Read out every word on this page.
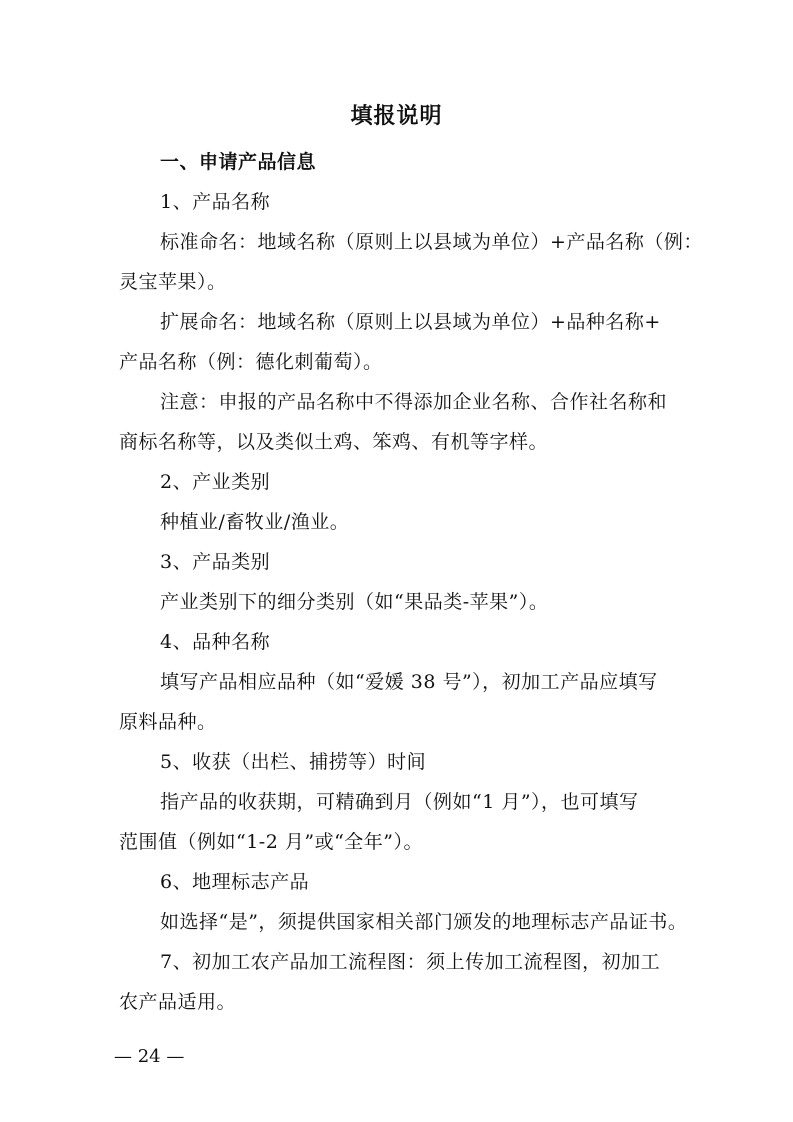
填报说明
一、申请产品信息
1、产品名称
标准命名：地域名称（原则上以县域为单位）+产品名称（例：
灵宝苹果）。
扩展命名：地域名称（原则上以县域为单位）+品种名称+
产品名称（例：德化刺葡萄）。
注意：申报的产品名称中不得添加企业名称、合作社名称和
商标名称等，以及类似土鸡、笨鸡、有机等字样。
2、产业类别
种植业/畜牧业/渔业。
3、产品类别
产业类别下的细分类别（如“果品类-苹果”）。
4、品种名称
填写产品相应品种（如“爱媛 38 号”），初加工产品应填写
原料品种。
5、收获（出栏、捕捞等）时间
指产品的收获期，可精确到月（例如“1 月”），也可填写
范围值（例如“1-2 月”或“全年”）。
6、地理标志产品
如选择“是”，须提供国家相关部门颁发的地理标志产品证书。
7、初加工农产品加工流程图：须上传加工流程图，初加工
农产品适用。
— 24 —
